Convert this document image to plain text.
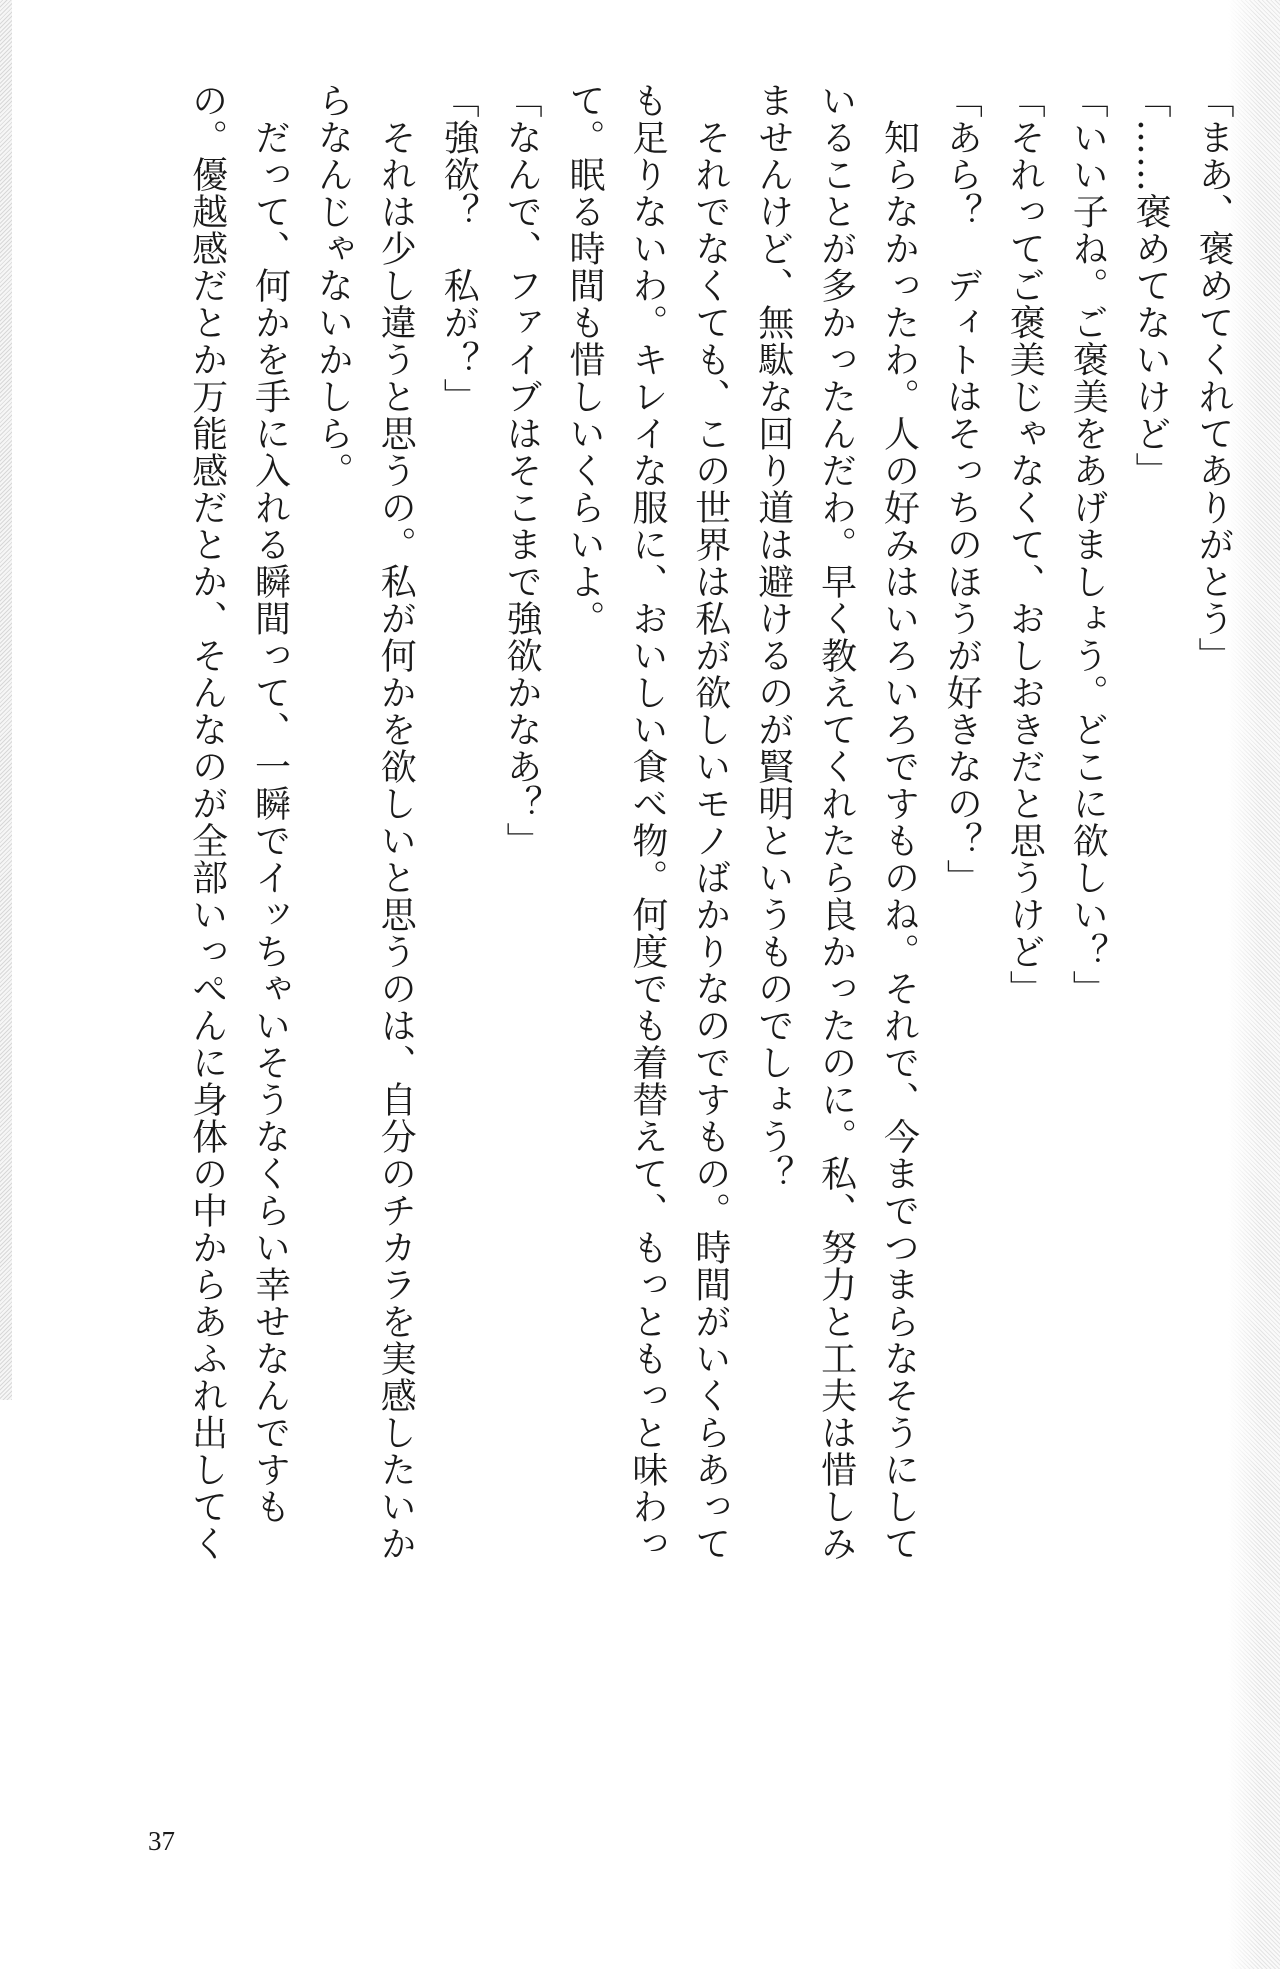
「まあ、褒めてくれてありがとう」
「……褒めてないけど」
「いい子ね。ご褒美をあげましょう。どこに欲しい？」
「それってご褒美じゃなくて、おしおきだと思うけど」
「あら？　ディトはそっちのほうが好きなの？」
　知らなかったわ。人の好みはいろいろですものね。それで、今までつまらなそうにして
いることが多かったんだわ。早く教えてくれたら良かったのに。私、努力と工夫は惜しみ
ませんけど、無駄な回り道は避けるのが賢明というものでしょう？
　それでなくても、この世界は私が欲しいモノばかりなのですもの。時間がいくらあって
も足りないわ。キレイな服に、おいしい食べ物。何度でも着替えて、もっともっと味わっ
て。眠る時間も惜しいくらいよ。
「なんで、ファイブはそこまで強欲かなあ？」
「強欲？　私が？」
　それは少し違うと思うの。私が何かを欲しいと思うのは、自分のチカラを実感したいか
らなんじゃないかしら。
　だって、何かを手に入れる瞬間って、一瞬でイッちゃいそうなくらい幸せなんですも
の。優越感だとか万能感だとか、そんなのが全部いっぺんに身体の中からあふれ出してく
37
